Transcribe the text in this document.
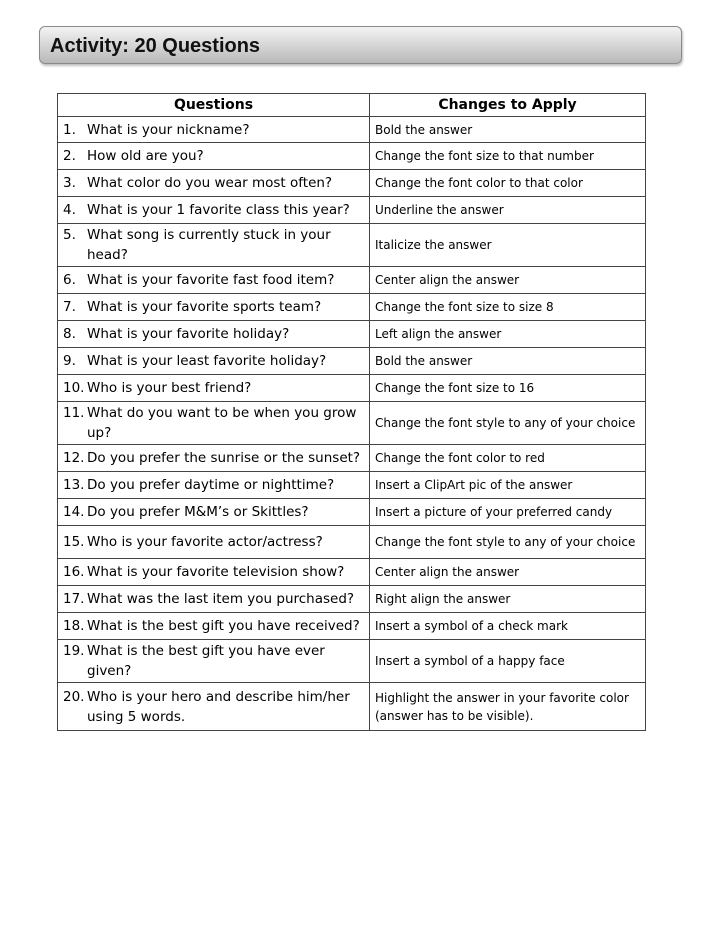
Activity: 20 Questions
Questions	Changes to Apply

1. What is your nickname?	Bold the answer

2. How old are you?	Change the font size to that number

3. What color do you wear most often?	Change the font color to that color

4. What is your 1 favorite class this year?	Underline the answer

5. What song is currently stuck in your head?	Italicize the answer

6. What is your favorite fast food item?	Center align the answer

7. What is your favorite sports team?	Change the font size to size 8

8. What is your favorite holiday?	Left align the answer

9. What is your least favorite holiday?	Bold the answer

10. Who is your best friend?	Change the font size to 16

11. What do you want to be when you grow up?	Change the font style to any of your choice

12. Do you prefer the sunrise or the sunset?	Change the font color to red

13. Do you prefer daytime or nighttime?	Insert a ClipArt pic of the answer

14. Do you prefer M&M’s or Skittles?	Insert a picture of your preferred candy

15. Who is your favorite actor/actress?	Change the font style to any of your choice

16. What is your favorite television show?	Center align the answer

17. What was the last item you purchased?	Right align the answer

18. What is the best gift you have received?	Insert a symbol of a check mark

19. What is the best gift you have ever given?	Insert a symbol of a happy face

20. Who is your hero and describe him/her using 5 words.	Highlight the answer in your favorite color (answer has to be visible).
